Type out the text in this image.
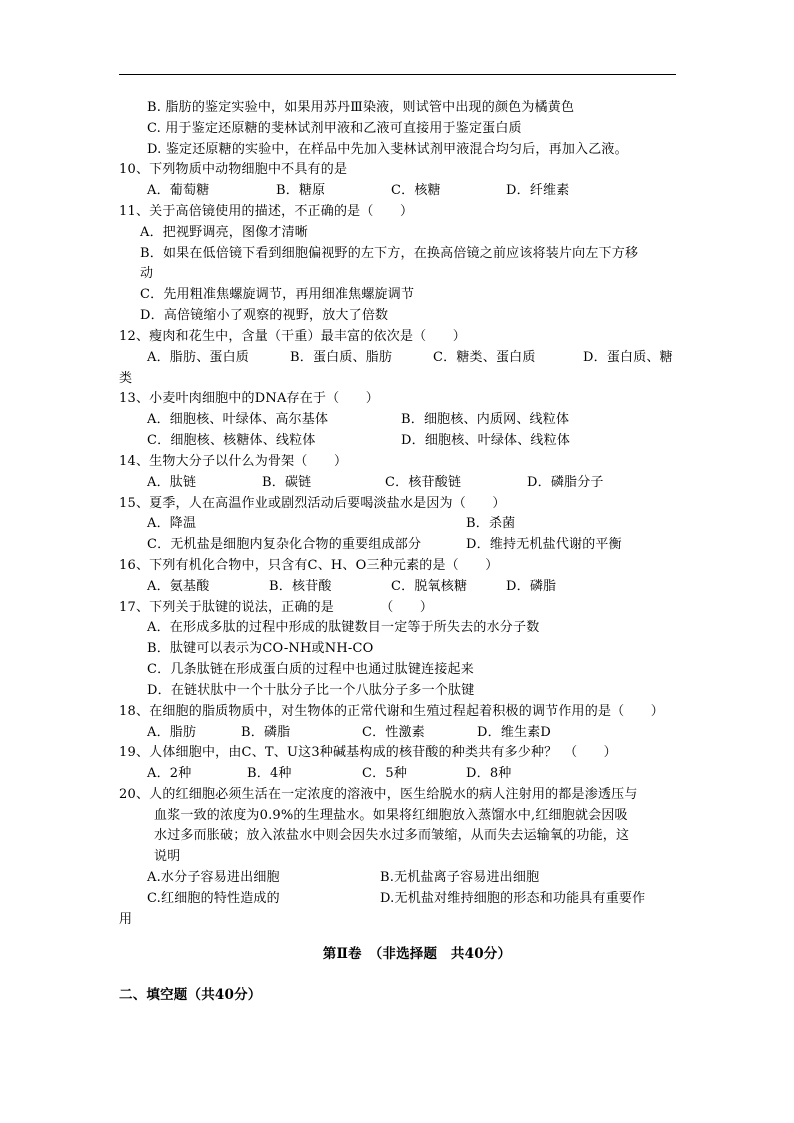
B. 脂肪的鉴定实验中，如果用苏丹Ⅲ染液，则试管中出现的颜色为橘黄色
C. 用于鉴定还原糖的斐林试剂甲液和乙液可直接用于鉴定蛋白质
D. 鉴定还原糖的实验中，在样品中先加入斐林试剂甲液混合均匀后，再加入乙液。
10、下列物质中动物细胞中不具有的是
A．葡萄糖	B．糖原	C．核糖	D．纤维素
11、关于高倍镜使用的描述，不正确的是（　　）
A．把视野调亮，图像才清晰
B．如果在低倍镜下看到细胞偏视野的左下方，在换高倍镜之前应该将装片向左下方移
动
C．先用粗准焦螺旋调节，再用细准焦螺旋调节
D．高倍镜缩小了观察的视野，放大了倍数
12、瘦肉和花生中，含量（干重）最丰富的依次是（　　）
A．脂肪、蛋白质	B．蛋白质、脂肪	C．糖类、蛋白质	D．蛋白质、糖
类
13、小麦叶肉细胞中的DNA存在于（　　）
A．细胞核、叶绿体、高尔基体	B．细胞核、内质网、线粒体
C．细胞核、核糖体、线粒体	D．细胞核、叶绿体、线粒体
14、生物大分子以什么为骨架（　　）
A．肽链	B．碳链	C．核苷酸链	D．磷脂分子
15、夏季，人在高温作业或剧烈活动后要喝淡盐水是因为（　　）
A．降温	B．杀菌
C．无机盐是细胞内复杂化合物的重要组成部分	D．维持无机盐代谢的平衡
16、下列有机化合物中，只含有C、H、O三种元素的是（　　）
A．氨基酸	B．核苷酸	C．脱氧核糖	D．磷脂
17、下列关于肽键的说法，正确的是　　　　（　　）
A．在形成多肽的过程中形成的肽键数目一定等于所失去的水分子数
B．肽键可以表示为CO-NH或NH-CO
C．几条肽链在形成蛋白质的过程中也通过肽键连接起来
D．在链状肽中一个十肽分子比一个八肽分子多一个肽键
18、在细胞的脂质物质中，对生物体的正常代谢和生殖过程起着积极的调节作用的是（　　）
A．脂肪	B．磷脂	C．性激素	D．维生素D
19、人体细胞中，由C、T、U这3种碱基构成的核苷酸的种类共有多少种？　（　　）
A．2种	B．4种	C．5种	D．8种
20、人的红细胞必须生活在一定浓度的溶液中，医生给脱水的病人注射用的都是渗透压与
血浆一致的浓度为0.9%的生理盐水。如果将红细胞放入蒸馏水中,红细胞就会因吸
水过多而胀破；放入浓盐水中则会因失水过多而皱缩，从而失去运输氧的功能，这
说明
A.水分子容易进出细胞	B.无机盐离子容易进出细胞
C.红细胞的特性造成的	D.无机盐对维持细胞的形态和功能具有重要作
用
第Ⅱ卷　（非选择题　共40分）
二、填空题（共40分）
